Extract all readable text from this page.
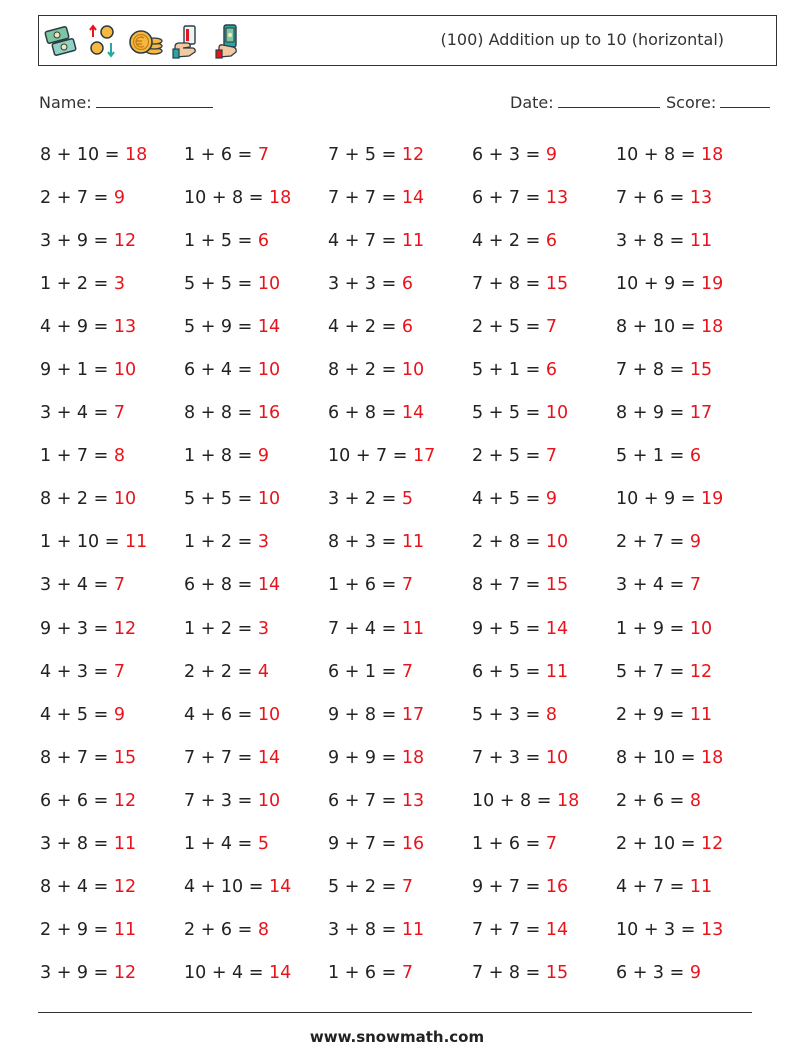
(100) Addition up to 10 (horizontal)
Name:	Date:	Score:
8 + 10 = 18	1 + 6 = 7	7 + 5 = 12	6 + 3 = 9	10 + 8 = 18
2 + 7 = 9	10 + 8 = 18	7 + 7 = 14	6 + 7 = 13	7 + 6 = 13
3 + 9 = 12	1 + 5 = 6	4 + 7 = 11	4 + 2 = 6	3 + 8 = 11
1 + 2 = 3	5 + 5 = 10	3 + 3 = 6	7 + 8 = 15	10 + 9 = 19
4 + 9 = 13	5 + 9 = 14	4 + 2 = 6	2 + 5 = 7	8 + 10 = 18
9 + 1 = 10	6 + 4 = 10	8 + 2 = 10	5 + 1 = 6	7 + 8 = 15
3 + 4 = 7	8 + 8 = 16	6 + 8 = 14	5 + 5 = 10	8 + 9 = 17
1 + 7 = 8	1 + 8 = 9	10 + 7 = 17	2 + 5 = 7	5 + 1 = 6
8 + 2 = 10	5 + 5 = 10	3 + 2 = 5	4 + 5 = 9	10 + 9 = 19
1 + 10 = 11	1 + 2 = 3	8 + 3 = 11	2 + 8 = 10	2 + 7 = 9
3 + 4 = 7	6 + 8 = 14	1 + 6 = 7	8 + 7 = 15	3 + 4 = 7
9 + 3 = 12	1 + 2 = 3	7 + 4 = 11	9 + 5 = 14	1 + 9 = 10
4 + 3 = 7	2 + 2 = 4	6 + 1 = 7	6 + 5 = 11	5 + 7 = 12
4 + 5 = 9	4 + 6 = 10	9 + 8 = 17	5 + 3 = 8	2 + 9 = 11
8 + 7 = 15	7 + 7 = 14	9 + 9 = 18	7 + 3 = 10	8 + 10 = 18
6 + 6 = 12	7 + 3 = 10	6 + 7 = 13	10 + 8 = 18	2 + 6 = 8
3 + 8 = 11	1 + 4 = 5	9 + 7 = 16	1 + 6 = 7	2 + 10 = 12
8 + 4 = 12	4 + 10 = 14	5 + 2 = 7	9 + 7 = 16	4 + 7 = 11
2 + 9 = 11	2 + 6 = 8	3 + 8 = 11	7 + 7 = 14	10 + 3 = 13
3 + 9 = 12	10 + 4 = 14	1 + 6 = 7	7 + 8 = 15	6 + 3 = 9
www.snowmath.com
